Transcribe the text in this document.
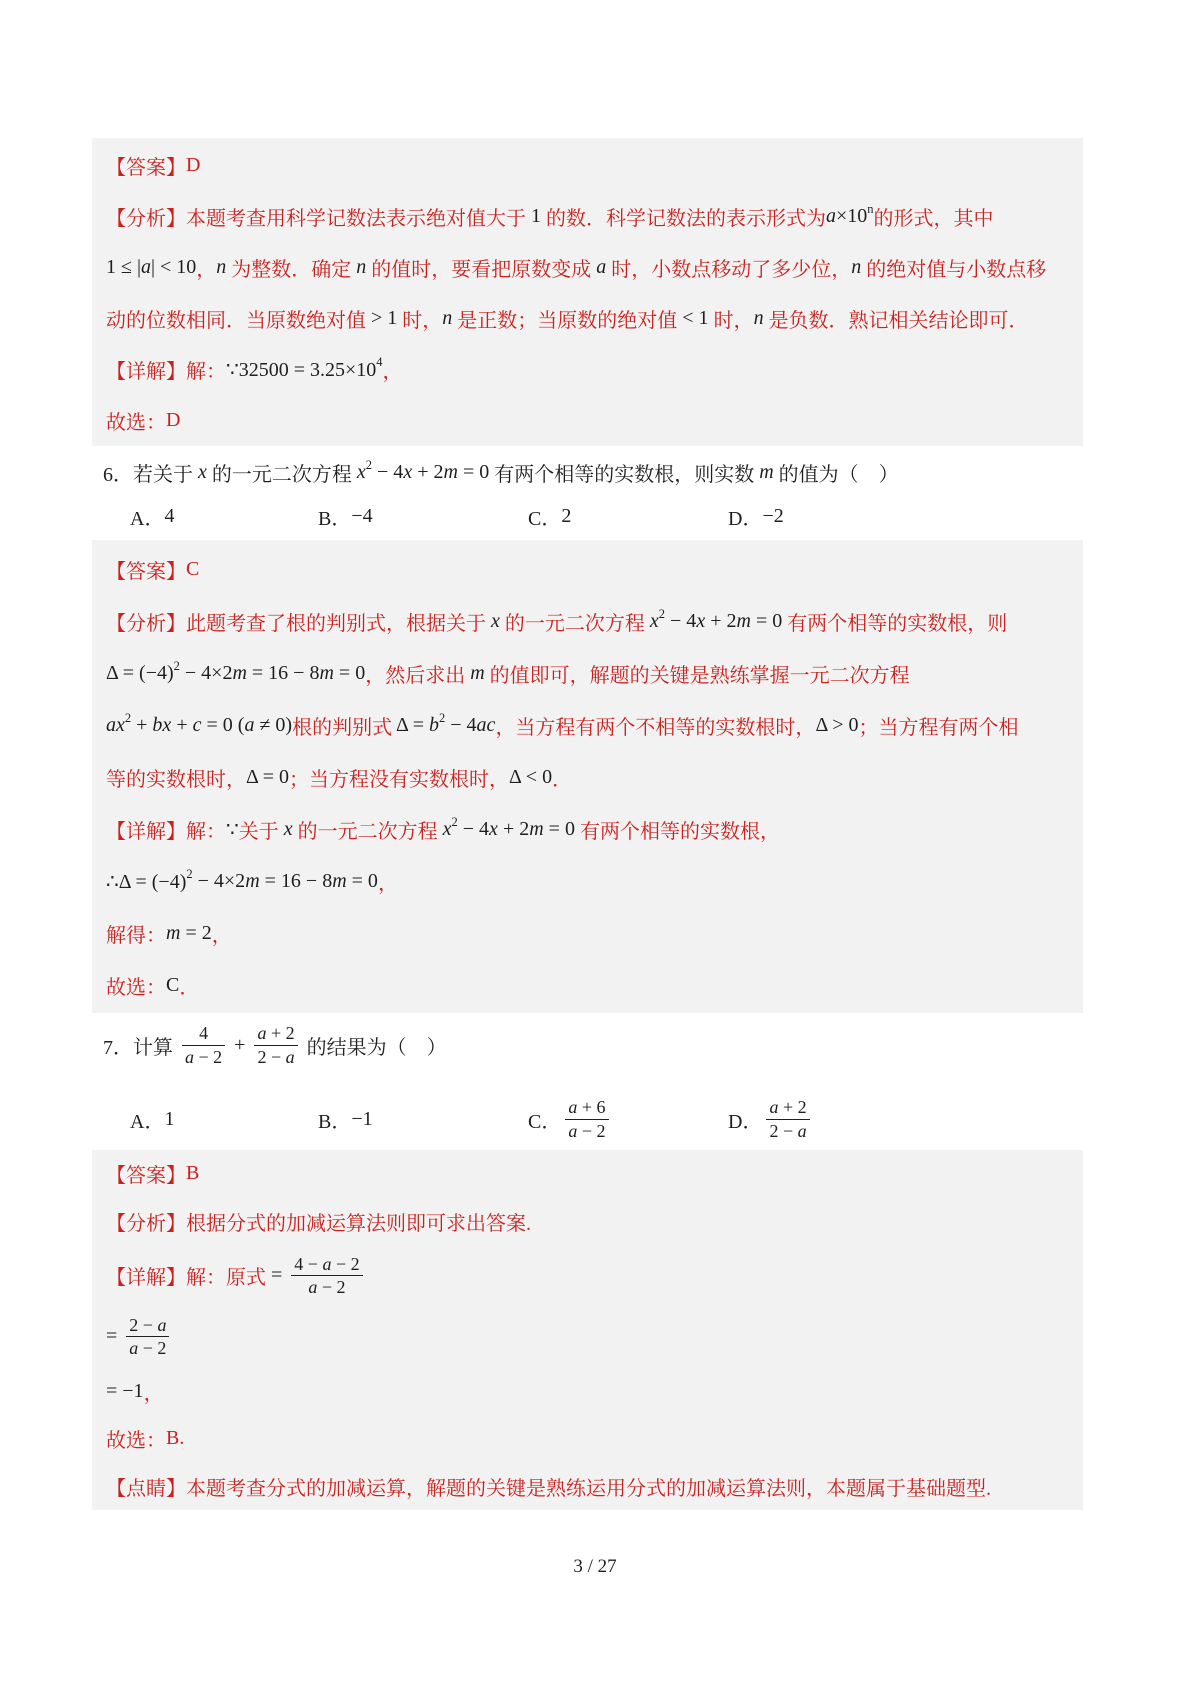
【答案】 D
【分析】本题考查用科学记数法表示绝对值大于 1 的数．科学记数法的表示形式为 a ×10 n 的形式，其中
1 ≤ | a | < 10 ， n 为整数．确定 n 的值时，要看把原数变成 a 时，小数点移动了多少位， n 的绝对值与小数点移
动的位数相同．当原数绝对值 > 1 时， n 是正数；当原数的绝对值 < 1 时， n 是负数．熟记相关结论即可．
【详解】解： ∵32500 = 3.25×10 4 ，
故选： D
6．若关于 x 的一元二次方程 x 2 − 4 x + 2 m = 0 有两个相等的实数根，则实数 m 的值为（　）
A． 4	B． −4	C． 2	D． −2
【答案】 C
【分析】此题考查了根的判别式，根据关于 x 的一元二次方程 x 2 − 4 x + 2 m = 0 有两个相等的实数根，则
Δ = (−4) 2 − 4×2 m = 16 − 8 m = 0 ，然后求出 m 的值即可，解题的关键是熟练掌握一元二次方程
ax 2 + bx + c = 0 ( a ≠ 0) 根的判别式 Δ = b 2 − 4 ac ，当方程有两个不相等的实数根时， Δ > 0 ；当方程有两个相
等的实数根时， Δ = 0 ；当方程没有实数根时， Δ < 0 ．
【详解】解： ∵ 关于 x 的一元二次方程 x 2 − 4 x + 2 m = 0 有两个相等的实数根，
∴Δ = (−4) 2 − 4×2 m = 16 − 8 m = 0 ，
解得： m = 2 ，
故选： C ．
7．计算 $\frac{4}{a - 2} + \frac{a + 2}{2 - a}$ 的结果为（　）
A． 1	B． −1	C． $\frac{a + 6}{a - 2}$	D． $\frac{a + 2}{2 - a}$
【答案】 B
【分析】根据分式的加减运算法则即可求出答案.
【详解】解：原式 = $\frac{4 - a - 2}{a - 2}$
= $\frac{2 - a}{a - 2}$
= −1 ，
故选： B.
【点睛】本题考查分式的加减运算，解题的关键是熟练运用分式的加减运算法则，本题属于基础题型.
3 / 27
